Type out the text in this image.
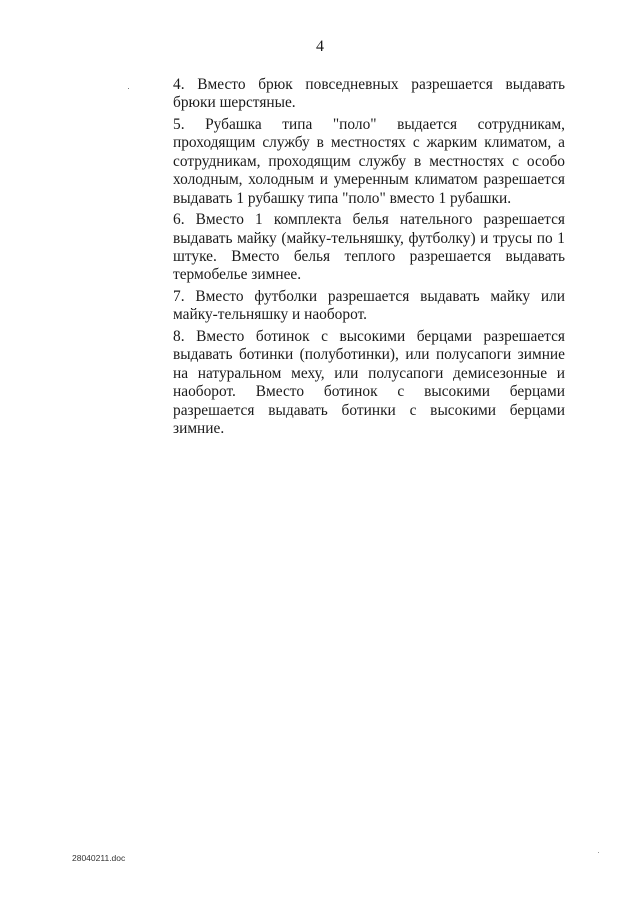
4

4. Вместо брюк повседневных разрешается выдавать брюки шерстяные.

5. Рубашка типа "поло" выдается сотрудникам, проходящим службу в местностях с жарким климатом, а сотрудникам, проходящим службу в местностях с особо холодным, холодным и умеренным климатом разрешается выдавать 1 рубашку типа "поло" вместо 1 рубашки.

6. Вместо 1 комплекта белья нательного разрешается выдавать майку (майку-тельняшку, футболку) и трусы по 1 штуке. Вместо белья теплого разрешается выдавать термобелье зимнее.

7. Вместо футболки разрешается выдавать майку или майку-тельняшку и наоборот.

8. Вместо ботинок с высокими берцами разрешается выдавать ботинки (полуботинки), или полусапоги зимние на натуральном меху, или полусапоги демисезонные и наоборот. Вместо ботинок с высокими берцами разрешается выдавать ботинки с высокими берцами зимние.

28040211.doc
